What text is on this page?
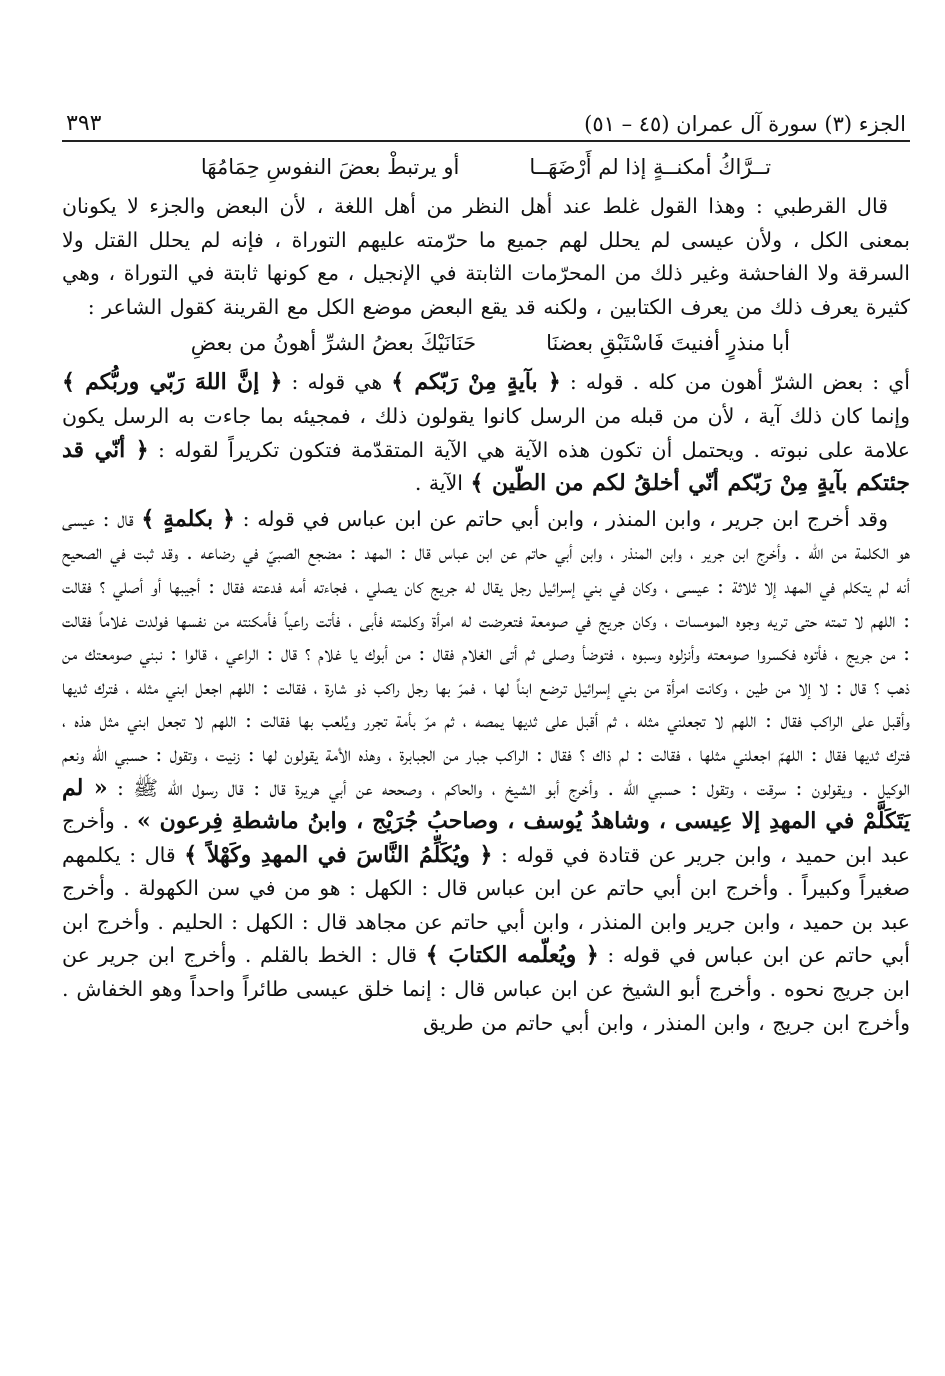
الجزء (٣) سورة آل عمران (٤٥ – ٥١)
٣٩٣
تــرَّاكُ أمكنــةٍ إذا لم أَرْضَهَــا
أو يرتبطْ بعضَ النفوسِ حِمَامُهَا

قال القرطبي : وهذا القول غلط عند أهل النظر من أهل اللغة ، لأن البعض والجزء لا يكونان بمعنى الكل ، ولأن عيسى لم يحلل لهم جميع ما حرّمته عليهم التوراة ، فإنه لم يحلل القتل ولا السرقة ولا الفاحشة وغير ذلك من المحرّمات الثابتة في الإنجيل ، مع كونها ثابتة في التوراة ، وهي كثيرة يعرف ذلك من يعرف الكتابين ، ولكنه قد يقع البعض موضع الكل مع القرينة كقول الشاعر :

أبا منذرٍ أفنيتَ فَاسْتَبْقِ بعضنَا
حَنَانَيْكَ بعضُ الشرِّ أهونُ من بعضِ

أي : بعض الشرّ أهون من كله . قوله : ﴿ بآيةٍ مِنْ رَبّكم ﴾ هي قوله : ﴿ إنَّ اللهَ رَبّي وربُّكم ﴾ وإنما كان ذلك آية ، لأن من قبله من الرسل كانوا يقولون ذلك ، فمجيئه بما جاءت به الرسل يكون علامة على نبوته . ويحتمل أن تكون هذه الآية هي الآية المتقدّمة فتكون تكريراً لقوله : ﴿ أنّي قد جئتكم بآيةٍ مِنْ رَبّكم أنّي أخلقُ لكم من الطّين ﴾ الآية .

وقد أخرج ابن جرير ، وابن المنذر ، وابن أبي حاتم عن ابن عباس في قوله : ﴿ بكلمةٍ ﴾ قال : عيسى هو الكلمة من الله . وأخرج ابن جرير ، وابن المنذر ، وابن أبي حاتم عن ابن عباس قال : المهد : مضجع الصبيّ في رضاعه . وقد ثبت في الصحيح أنه لم يتكلم في المهد إلا ثلاثة : عيسى ، وكان في بني إسرائيل رجل يقال له جريج كان يصلي ، فجاءته أمه فدعته فقال : أجيبها أو أصلي ؟ فقالت : اللهم لا تمته حتى تريه وجوه المومسات ، وكان جريج في صومعة فتعرضت له امرأة وكلمته فأبى ، فأتت راعياً فأمكنته من نفسها فولدت غلاماً فقالت : من جريج ، فأتوه فكسروا صومعته وأنزلوه وسبوه ، فتوضأ وصلى ثم أتى الغلام فقال : من أبوك يا غلام ؟ قال : الراعي ، قالوا : نبني صومعتك من ذهب ؟ قال : لا إلا من طين ، وكانت امرأة من بني إسرائيل ترضع ابناً لها ، فمرّ بها رجل راكب ذو شارة ، فقالت : اللهم اجعل ابني مثله ، فترك ثديها وأقبل على الراكب فقال : اللهم لا تجعلني مثله ، ثم أقبل على ثديها يمصه ، ثم مرّ بأمة تجرر ويُلعب بها فقالت : اللهم لا تجعل ابني مثل هذه ، فترك ثديها فقال : اللهمّ اجعلني مثلها ، فقالت : لم ذاك ؟ فقال : الراكب جبار من الجبابرة ، وهذه الأمة يقولون لها : زنيت ، وتقول : حسبي الله ونعم الوكيل . ويقولون : سرقت ، وتقول : حسبي الله . وأخرج أبو الشيخ ، والحاكم ، وصححه عن أبي هريرة قال : قال رسول الله ﷺ : « لم يَتَكَلَّمْ في المهدِ إلا عِيسى ، وشاهدُ يُوسف ، وصاحبُ جُرَيْج ، وابنُ ماشطةِ فِرعون » . وأخرج عبد ابن حميد ، وابن جرير عن قتادة في قوله : ﴿ ويُكَلِّمُ النَّاسَ في المهدِ وكَهْلاً ﴾ قال : يكلمهم صغيراً وكبيراً . وأخرج ابن أبي حاتم عن ابن عباس قال : الكهل : هو من في سن الكهولة . وأخرج عبد بن حميد ، وابن جرير وابن المنذر ، وابن أبي حاتم عن مجاهد قال : الكهل : الحليم . وأخرج ابن أبي حاتم عن ابن عباس في قوله : ﴿ ويُعلّمه الكتابَ ﴾ قال : الخط بالقلم . وأخرج ابن جرير عن ابن جريج نحوه . وأخرج أبو الشيخ عن ابن عباس قال : إنما خلق عيسى طائراً واحداً وهو الخفاش . وأخرج ابن جريج ، وابن المنذر ، وابن أبي حاتم من طريق
